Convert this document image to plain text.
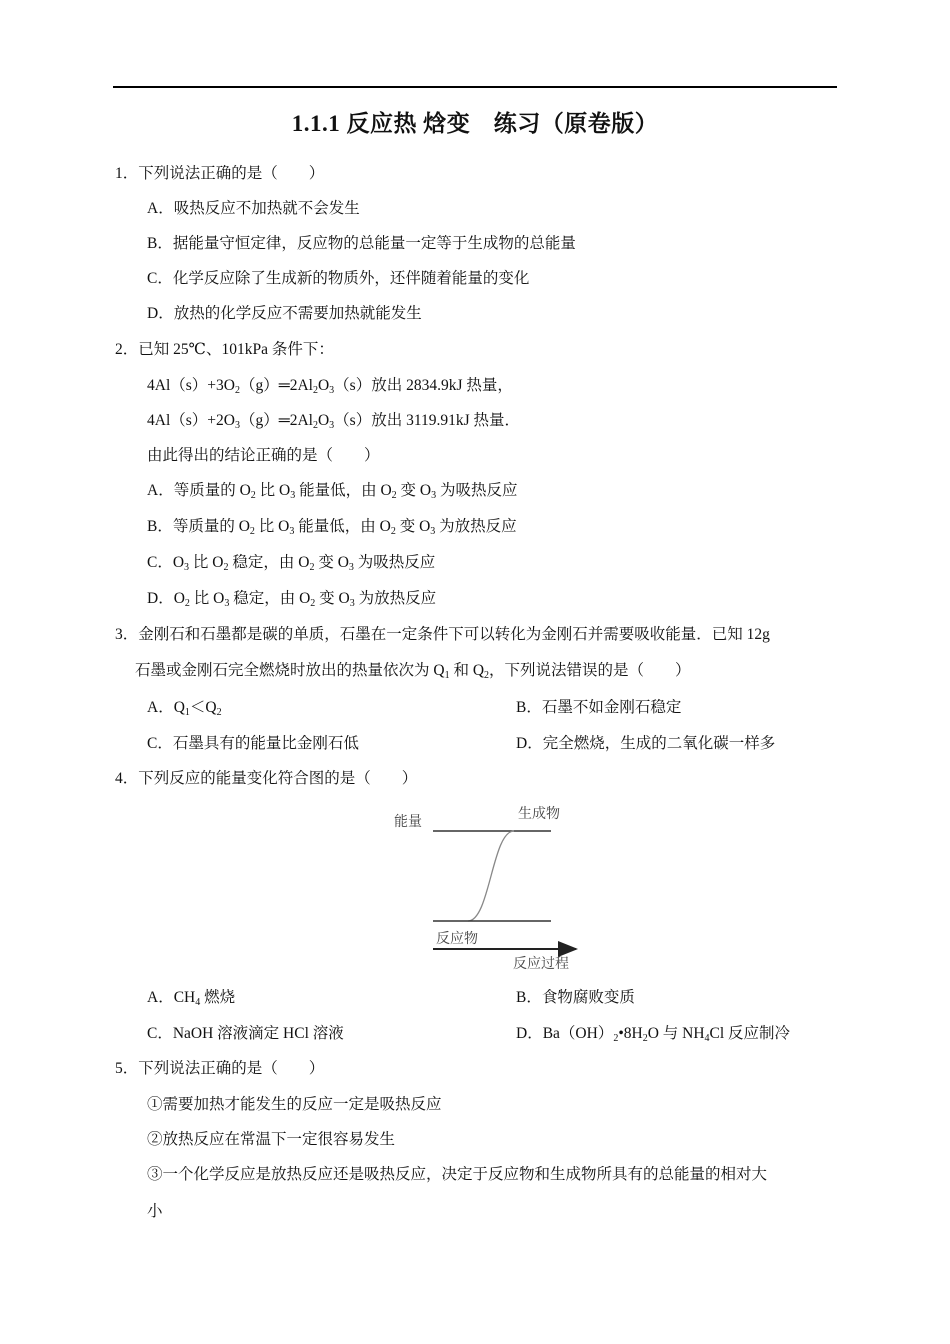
1.1.1 反应热 焓变　练习（原卷版）
1．下列说法正确的是（　　）
A．吸热反应不加热就不会发生
B．据能量守恒定律，反应物的总能量一定等于生成物的总能量
C．化学反应除了生成新的物质外，还伴随着能量的变化
D．放热的化学反应不需要加热就能发生
2．已知 25℃、101kPa 条件下：
$4Al(s)+3O_2(g)═2Al_2O_3(s)$放出 2834.9kJ 热量，
$4Al(s)+2O_3(g)═2Al_2O_3(s)$放出 3119.91kJ 热量．
由此得出的结论正确的是（　　）
A．等质量的 $O_2$ 比 $O_3$ 能量低，由 $O_2$ 变 $O_3$ 为吸热反应
B．等质量的 $O_2$ 比 $O_3$ 能量低，由 $O_2$ 变 $O_3$ 为放热反应
C．$O_3$ 比 $O_2$ 稳定，由 $O_2$ 变 $O_3$ 为吸热反应
D．$O_2$ 比 $O_3$ 稳定，由 $O_2$ 变 $O_3$ 为放热反应
3．金刚石和石墨都是碳的单质，石墨在一定条件下可以转化为金刚石并需要吸收能量．已知 12g
石墨或金刚石完全燃烧时放出的热量依次为 $Q_1$ 和 $Q_2$，下列说法错误的是（　　）
A．$Q_1<Q_2$	B．石墨不如金刚石稳定
C．石墨具有的能量比金刚石低	D．完全燃烧，生成的二氧化碳一样多
4．下列反应的能量变化符合图的是（　　）
能量	生成物
反应物
反应过程
A．$CH_4$ 燃烧	B．食物腐败变质
C．NaOH 溶液滴定 HCl 溶液	D．$Ba(OH)_2•8H_2O$ 与 $NH_4Cl$ 反应制冷
5．下列说法正确的是（　　）
①需要加热才能发生的反应一定是吸热反应
②放热反应在常温下一定很容易发生
③一个化学反应是放热反应还是吸热反应，决定于反应物和生成物所具有的总能量的相对大
小
